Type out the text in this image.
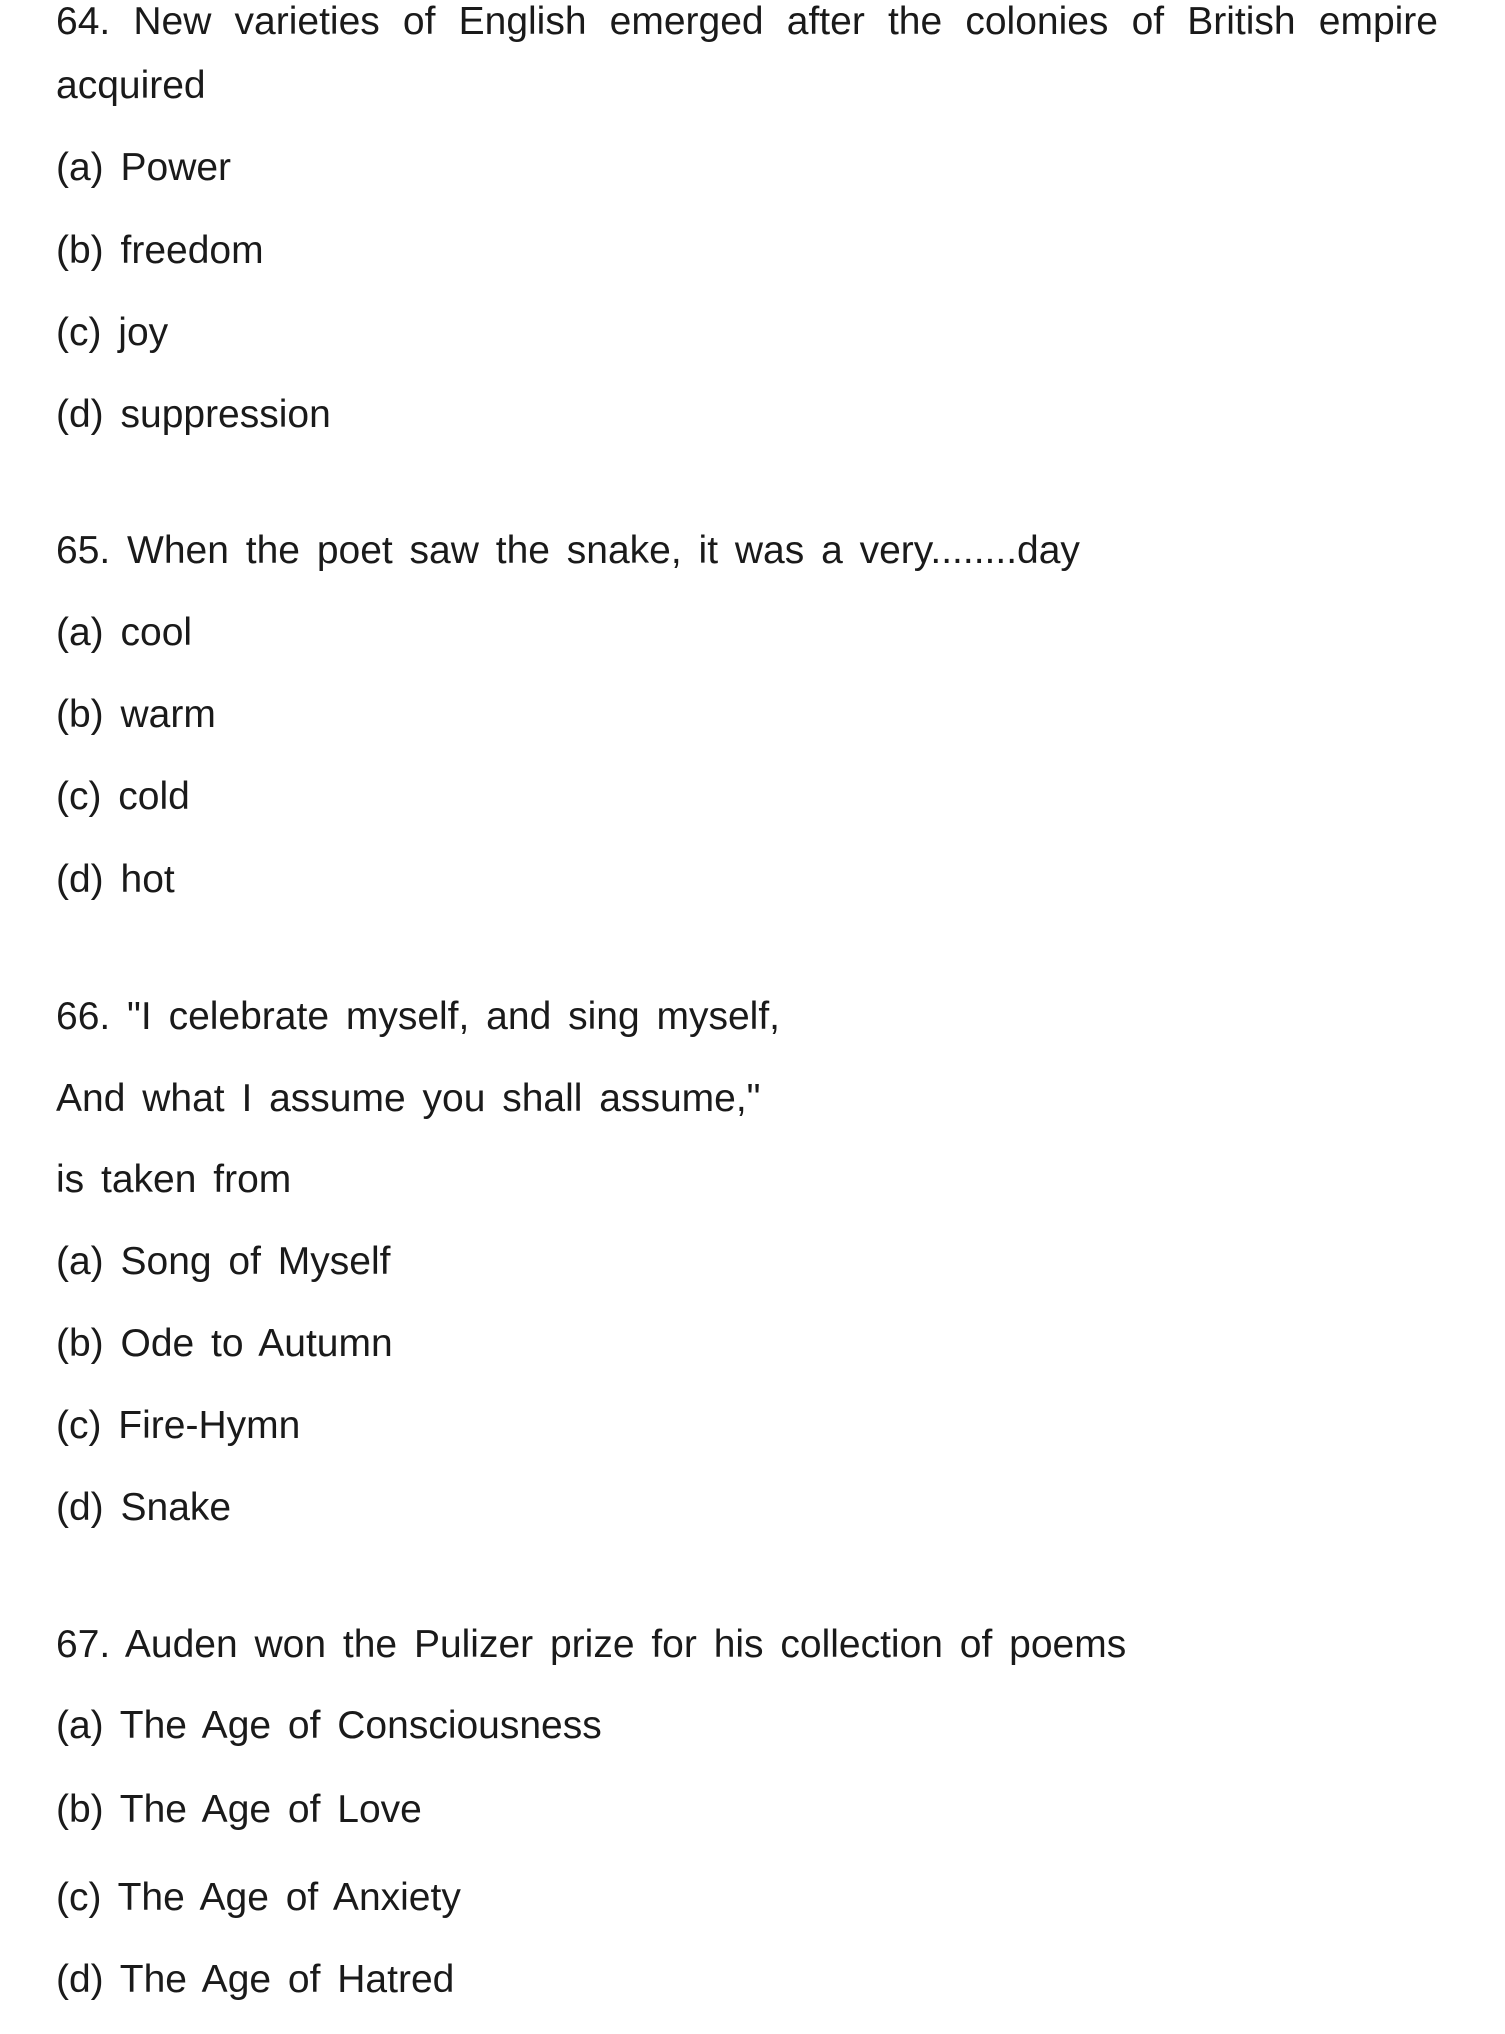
64. New varieties of English emerged after the colonies of British empire
acquired
(a) Power
(b) freedom
(c) joy
(d) suppression
65. When the poet saw the snake, it was a very........day
(a) cool
(b) warm
(c) cold
(d) hot
66. "I celebrate myself, and sing myself,
And what I assume you shall assume,"
is taken from
(a) Song of Myself
(b) Ode to Autumn
(c) Fire-Hymn
(d) Snake
67. Auden won the Pulizer prize for his collection of poems
(a) The Age of Consciousness
(b) The Age of Love
(c) The Age of Anxiety
(d) The Age of Hatred
